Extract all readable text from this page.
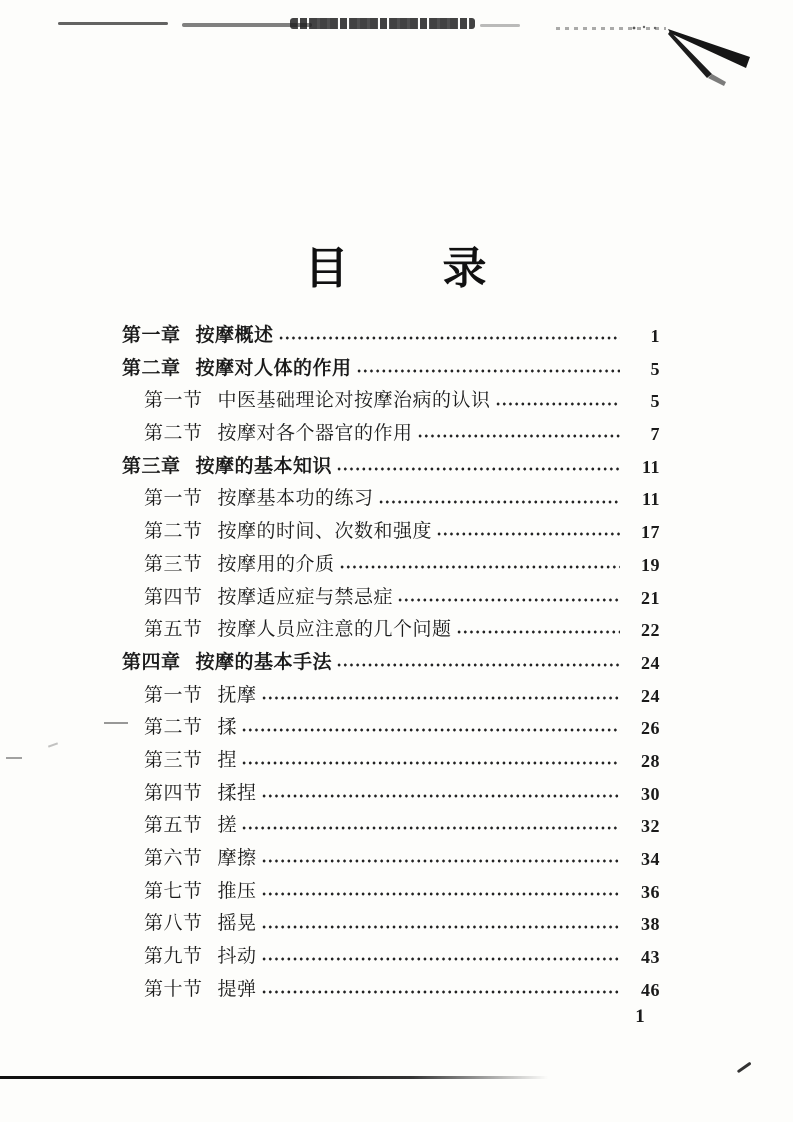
目　　录
第一章 按摩概述	1
第二章 按摩对人体的作用	5
第一节 中医基础理论对按摩治病的认识	5
第二节 按摩对各个器官的作用	7
第三章 按摩的基本知识	11
第一节 按摩基本功的练习	11
第二节 按摩的时间、次数和强度	17
第三节 按摩用的介质	19
第四节 按摩适应症与禁忌症	21
第五节 按摩人员应注意的几个问题	22
第四章 按摩的基本手法	24
第一节 抚摩	24
第二节 揉	26
第三节 捏	28
第四节 揉捏	30
第五节 搓	32
第六节 摩擦	34
第七节 推压	36
第八节 摇晃	38
第九节 抖动	43
第十节 提弹	46
1
